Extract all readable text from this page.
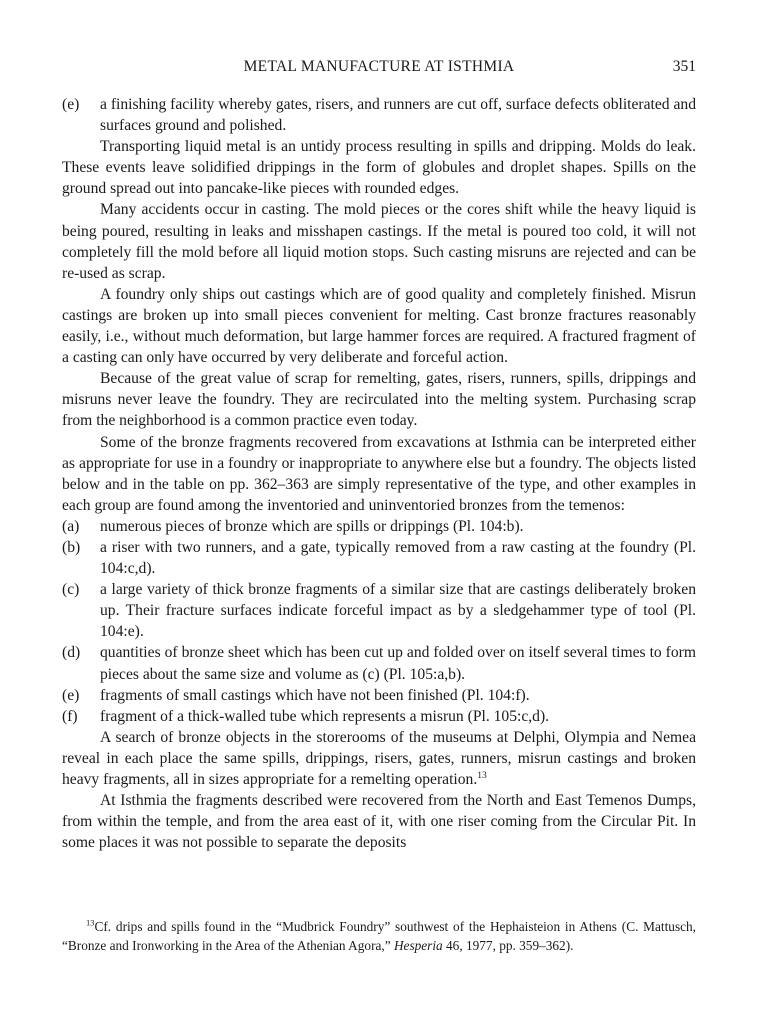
METAL MANUFACTURE AT ISTHMIA	351
(e)	a finishing facility whereby gates, risers, and runners are cut off, surface defects obliterated and surfaces ground and polished.

Transporting liquid metal is an untidy process resulting in spills and dripping. Molds do leak. These events leave solidified drippings in the form of globules and droplet shapes. Spills on the ground spread out into pancake-like pieces with rounded edges.

Many accidents occur in casting. The mold pieces or the cores shift while the heavy liquid is being poured, resulting in leaks and misshapen castings. If the metal is poured too cold, it will not completely fill the mold before all liquid motion stops. Such casting misruns are rejected and can be re-used as scrap.

A foundry only ships out castings which are of good quality and completely finished. Misrun castings are broken up into small pieces convenient for melting. Cast bronze fractures reasonably easily, i.e., without much deformation, but large hammer forces are required. A fractured fragment of a casting can only have occurred by very deliberate and forceful action.

Because of the great value of scrap for remelting, gates, risers, runners, spills, drippings and misruns never leave the foundry. They are recirculated into the melting system. Purchasing scrap from the neighborhood is a common practice even today.

Some of the bronze fragments recovered from excavations at Isthmia can be interpreted either as appropriate for use in a foundry or inappropriate to anywhere else but a foundry. The objects listed below and in the table on pp. 362–363 are simply representative of the type, and other examples in each group are found among the inventoried and uninventoried bronzes from the temenos:

(a)	numerous pieces of bronze which are spills or drippings (Pl. 104:b).
(b)	a riser with two runners, and a gate, typically removed from a raw casting at the foundry (Pl. 104:c,d).
(c)	a large variety of thick bronze fragments of a similar size that are castings deliberately broken up. Their fracture surfaces indicate forceful impact as by a sledgehammer type of tool (Pl. 104:e).
(d)	quantities of bronze sheet which has been cut up and folded over on itself several times to form pieces about the same size and volume as (c) (Pl. 105:a,b).
(e)	fragments of small castings which have not been finished (Pl. 104:f).
(f)	fragment of a thick-walled tube which represents a misrun (Pl. 105:c,d).

A search of bronze objects in the storerooms of the museums at Delphi, Olympia and Nemea reveal in each place the same spills, drippings, risers, gates, runners, misrun castings and broken heavy fragments, all in sizes appropriate for a remelting operation.$^{13}$

At Isthmia the fragments described were recovered from the North and East Temenos Dumps, from within the temple, and from the area east of it, with one riser coming from the Circular Pit. In some places it was not possible to separate the deposits

$^{13}$Cf. drips and spills found in the “Mudbrick Foundry” southwest of the Hephaisteion in Athens (C. Mattusch, “Bronze and Ironworking in the Area of the Athenian Agora,” Hesperia 46, 1977, pp. 359–362).
